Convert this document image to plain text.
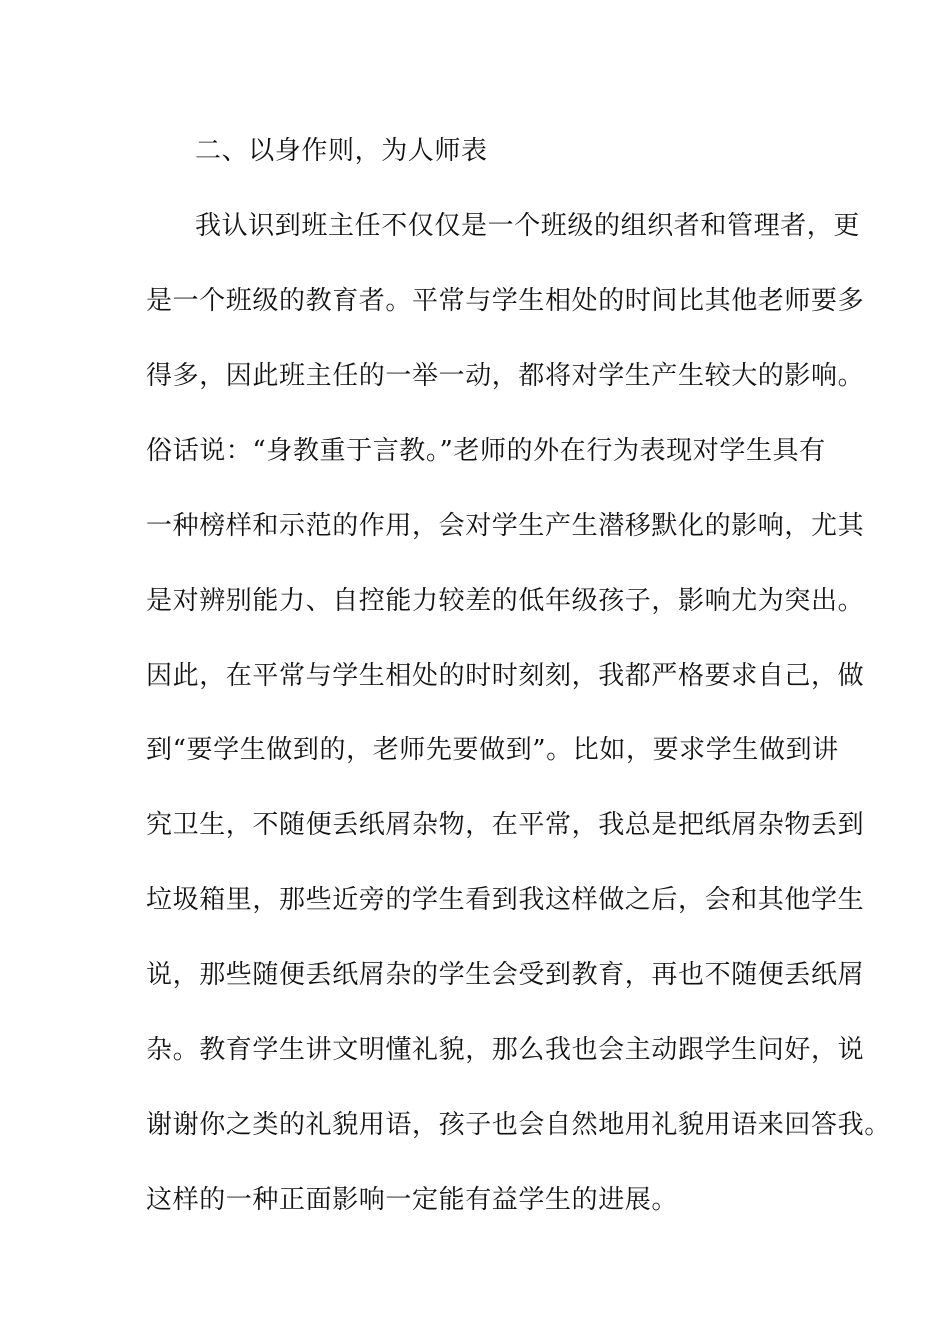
二、以身作则，为人师表
我认识到班主任不仅仅是一个班级的组织者和管理者，更
是一个班级的教育者。平常与学生相处的时间比其他老师要多
得多，因此班主任的一举一动，都将对学生产生较大的影响。
俗话说：“身教重于言教。”老师的外在行为表现对学生具有
一种榜样和示范的作用，会对学生产生潜移默化的影响，尤其
是对辨别能力、自控能力较差的低年级孩子，影响尤为突出。
因此，在平常与学生相处的时时刻刻，我都严格要求自己，做
到“要学生做到的，老师先要做到”。比如，要求学生做到讲
究卫生，不随便丢纸屑杂物，在平常，我总是把纸屑杂物丢到
垃圾箱里，那些近旁的学生看到我这样做之后，会和其他学生
说，那些随便丢纸屑杂的学生会受到教育，再也不随便丢纸屑
杂。教育学生讲文明懂礼貌，那么我也会主动跟学生问好，说
谢谢你之类的礼貌用语，孩子也会自然地用礼貌用语来回答我。
这样的一种正面影响一定能有益学生的进展。
